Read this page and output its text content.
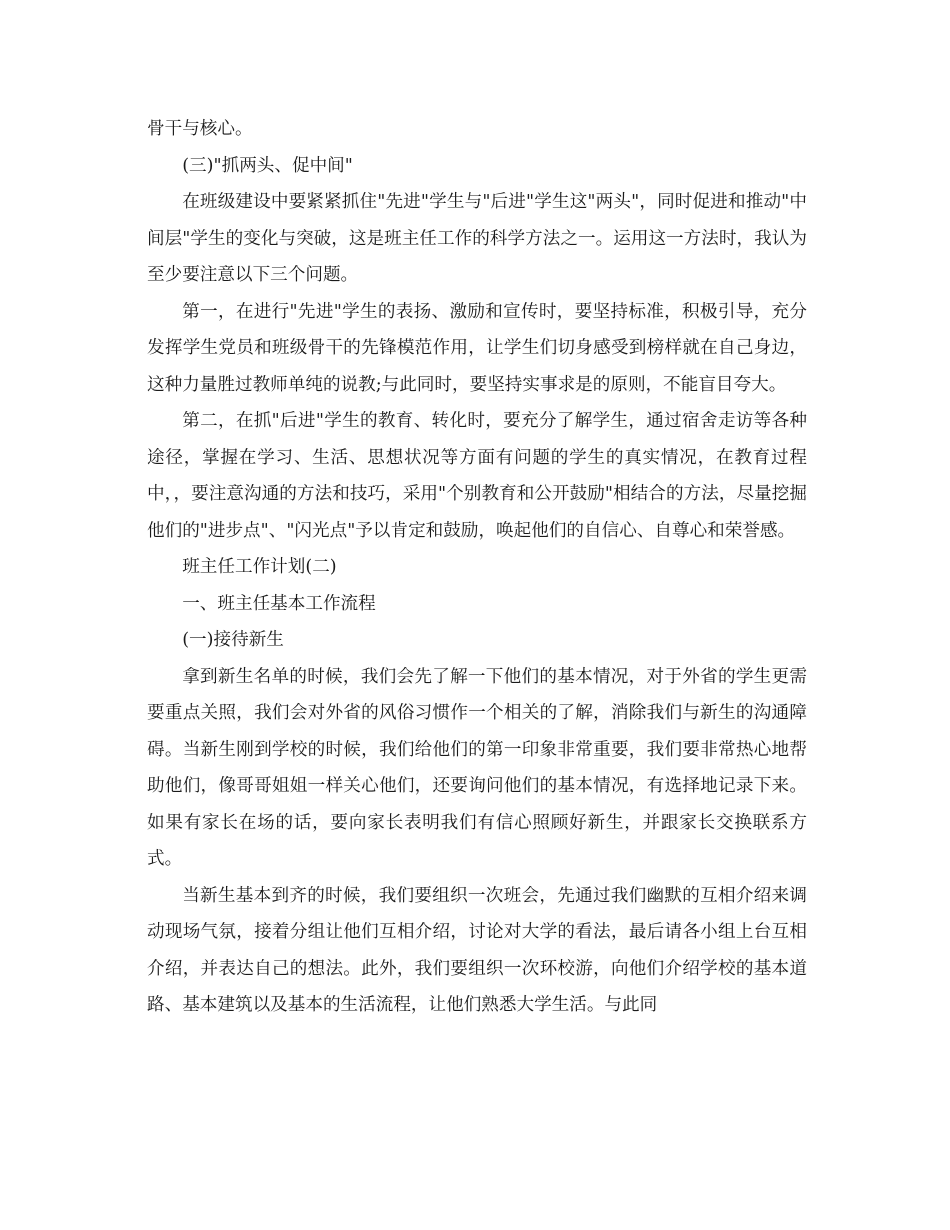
骨干与核心。

(三)"抓两头、促中间"

在班级建设中要紧紧抓住"先进"学生与"后进"学生这"两头"，同时促进和推动"中间层"学生的变化与突破，这是班主任工作的科学方法之一。运用这一方法时，我认为至少要注意以下三个问题。

第一，在进行"先进"学生的表扬、激励和宣传时，要坚持标准，积极引导，充分发挥学生党员和班级骨干的先锋模范作用，让学生们切身感受到榜样就在自己身边，这种力量胜过教师单纯的说教;与此同时，要坚持实事求是的原则，不能盲目夸大。

第二，在抓"后进"学生的教育、转化时，要充分了解学生，通过宿舍走访等各种途径，掌握在学习、生活、思想状况等方面有问题的学生的真实情况，在教育过程中，，要注意沟通的方法和技巧，采用"个别教育和公开鼓励"相结合的方法，尽量挖掘他们的"进步点"、"闪光点"予以肯定和鼓励，唤起他们的自信心、自尊心和荣誉感。

班主任工作计划(二)

一、班主任基本工作流程

(一)接待新生

拿到新生名单的时候，我们会先了解一下他们的基本情况，对于外省的学生更需要重点关照，我们会对外省的风俗习惯作一个相关的了解，消除我们与新生的沟通障碍。当新生刚到学校的时候，我们给他们的第一印象非常重要，我们要非常热心地帮助他们，像哥哥姐姐一样关心他们，还要询问他们的基本情况，有选择地记录下来。如果有家长在场的话，要向家长表明我们有信心照顾好新生，并跟家长交换联系方式。

当新生基本到齐的时候，我们要组织一次班会，先通过我们幽默的互相介绍来调动现场气氛，接着分组让他们互相介绍，讨论对大学的看法，最后请各小组上台互相介绍，并表达自己的想法。此外，我们要组织一次环校游，向他们介绍学校的基本道路、基本建筑以及基本的生活流程，让他们熟悉大学生活。与此同
